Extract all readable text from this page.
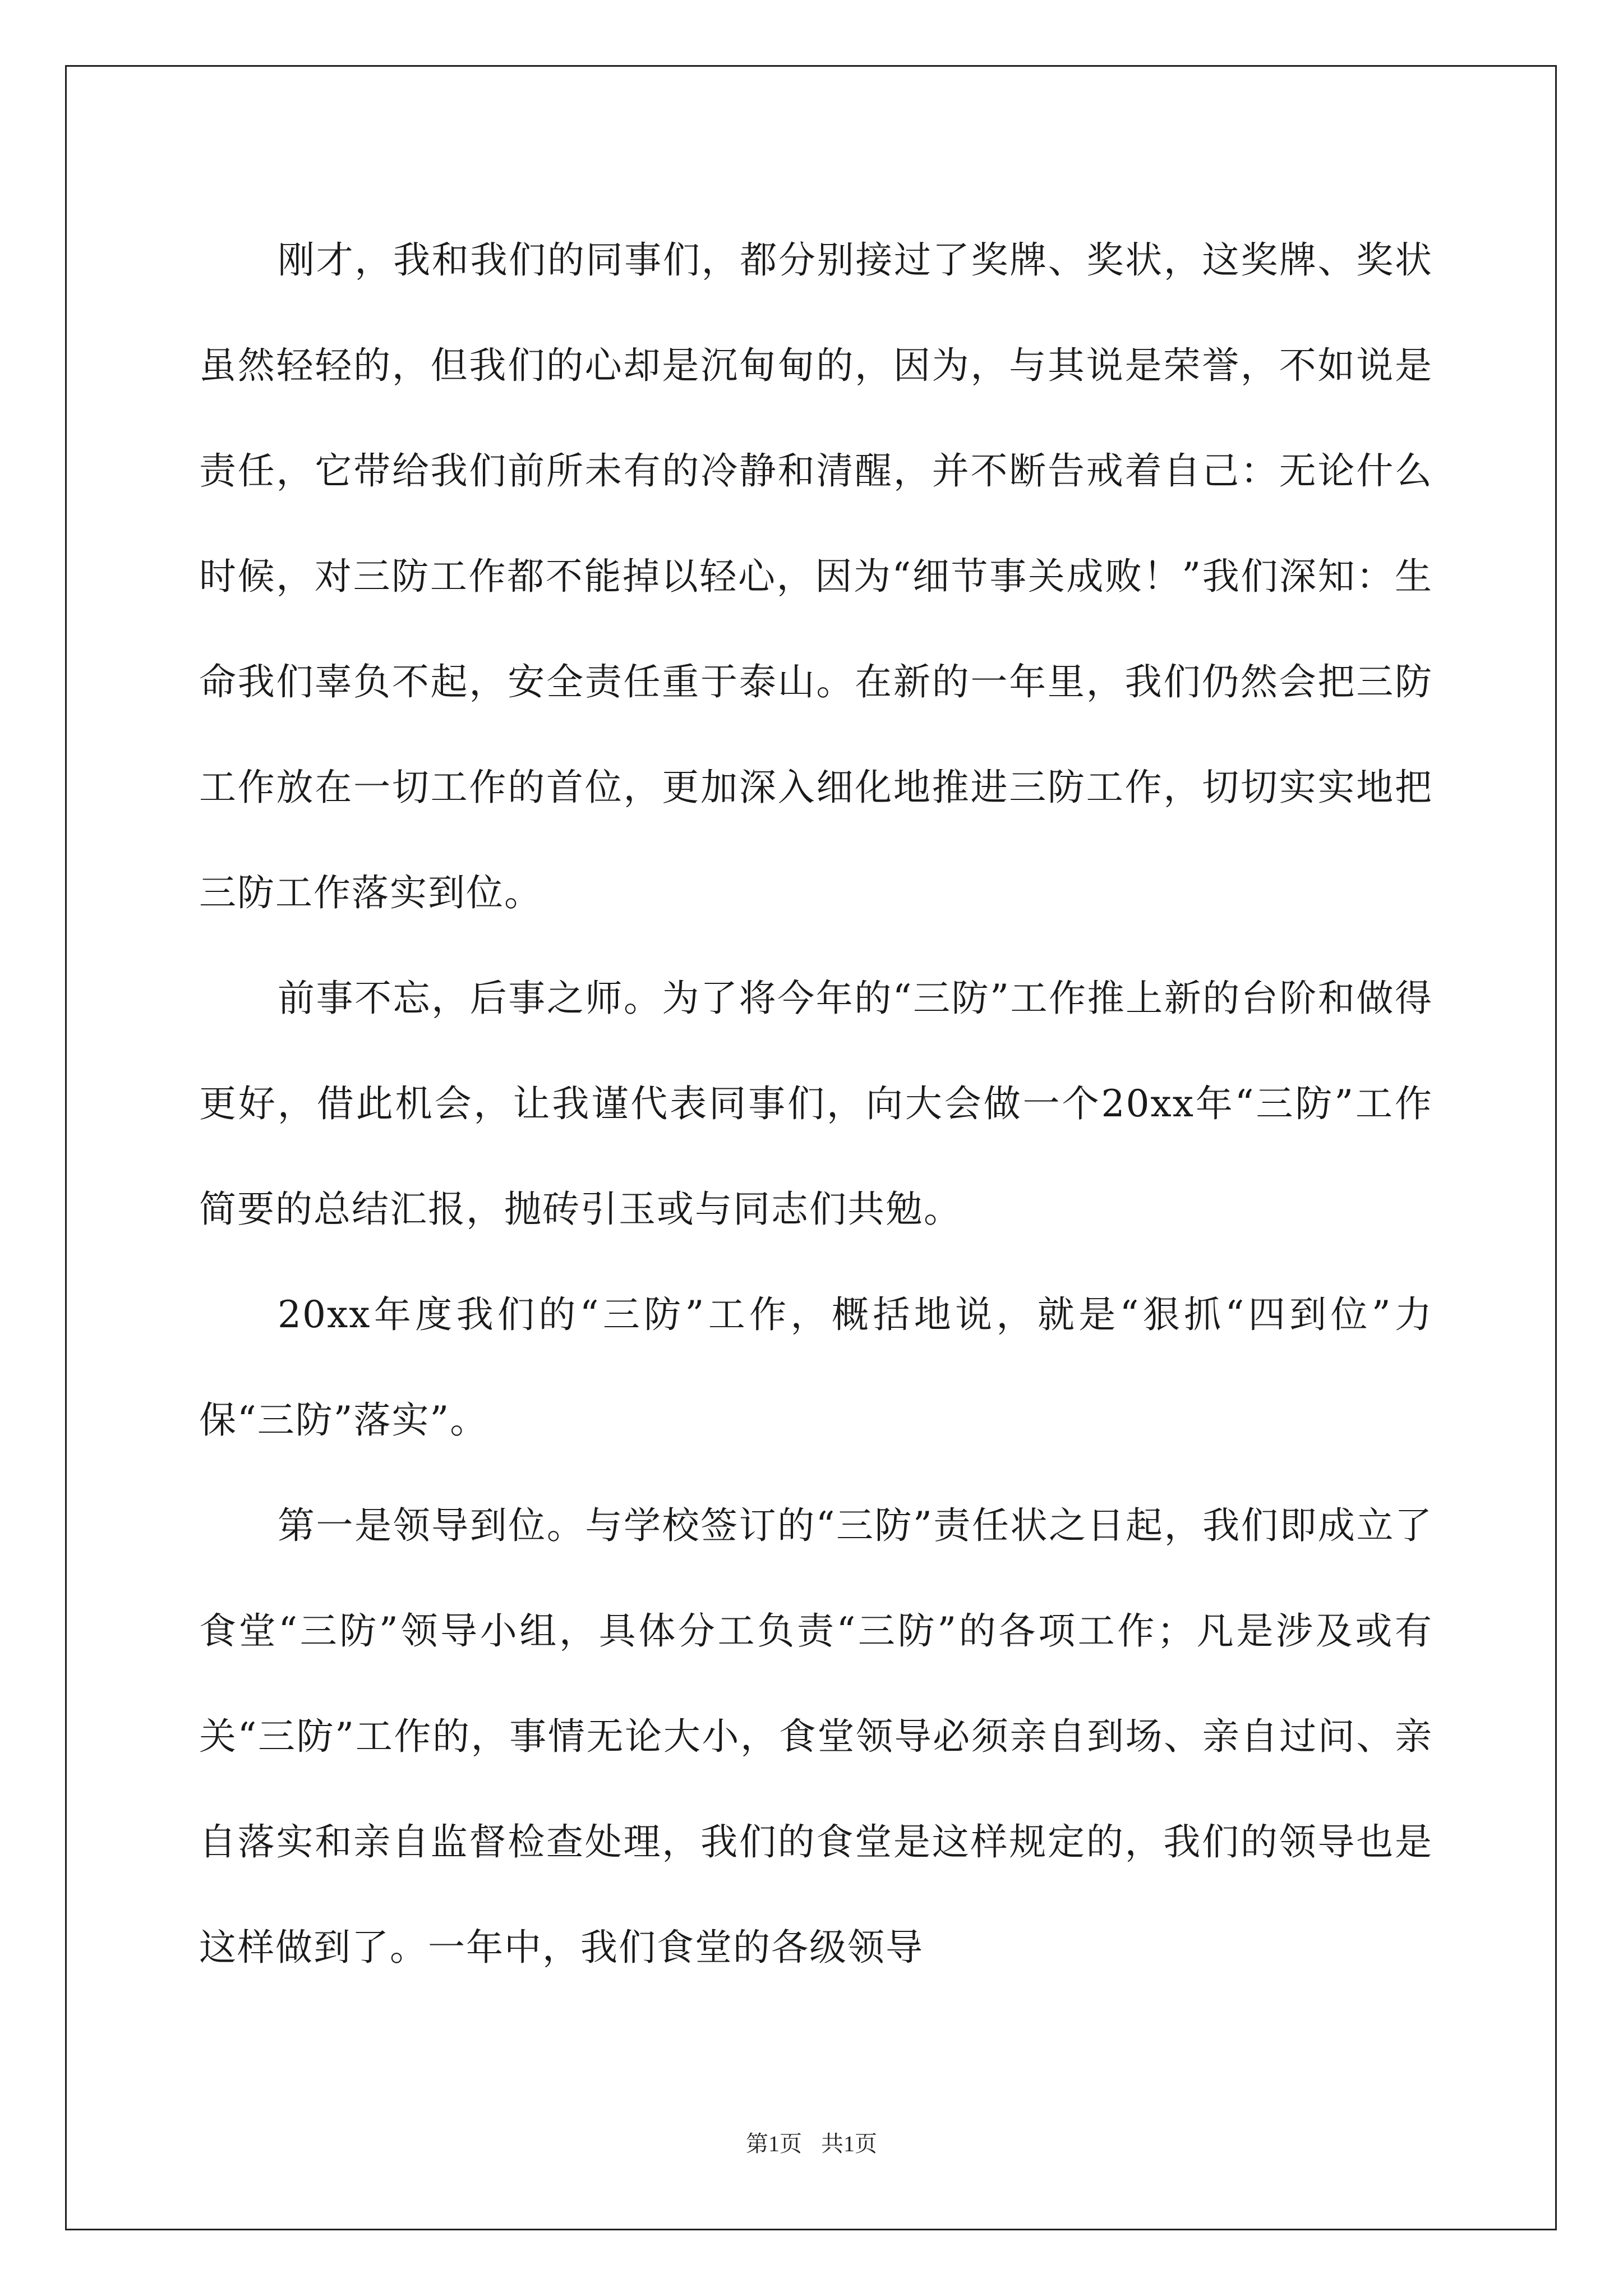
刚才，我和我们的同事们，都分别接过了奖牌、奖状，这奖牌、奖状虽然轻轻的，但我们的心却是沉甸甸的，因为，与其说是荣誉，不如说是责任，它带给我们前所未有的冷静和清醒，并不断告戒着自己：无论什么时候，对三防工作都不能掉以轻心，因为“细节事关成败！”我们深知：生命我们辜负不起，安全责任重于泰山。在新的一年里，我们仍然会把三防工作放在一切工作的首位，更加深入细化地推进三防工作，切切实实地把三防工作落实到位。

前事不忘，后事之师。为了将今年的“三防”工作推上新的台阶和做得更好，借此机会，让我谨代表同事们，向大会做一个20xx年“三防”工作简要的总结汇报，抛砖引玉或与同志们共勉。

20xx年度我们的“三防”工作，概括地说，就是“狠抓“四到位”力保“三防”落实”。

第一是领导到位。与学校签订的“三防”责任状之日起，我们即成立了食堂“三防”领导小组，具体分工负责“三防”的各项工作；凡是涉及或有关“三防”工作的，事情无论大小，食堂领导必须亲自到场、亲自过问、亲自落实和亲自监督检查处理，我们的食堂是这样规定的，我们的领导也是这样做到了。一年中，我们食堂的各级领导

第1页 共1页
